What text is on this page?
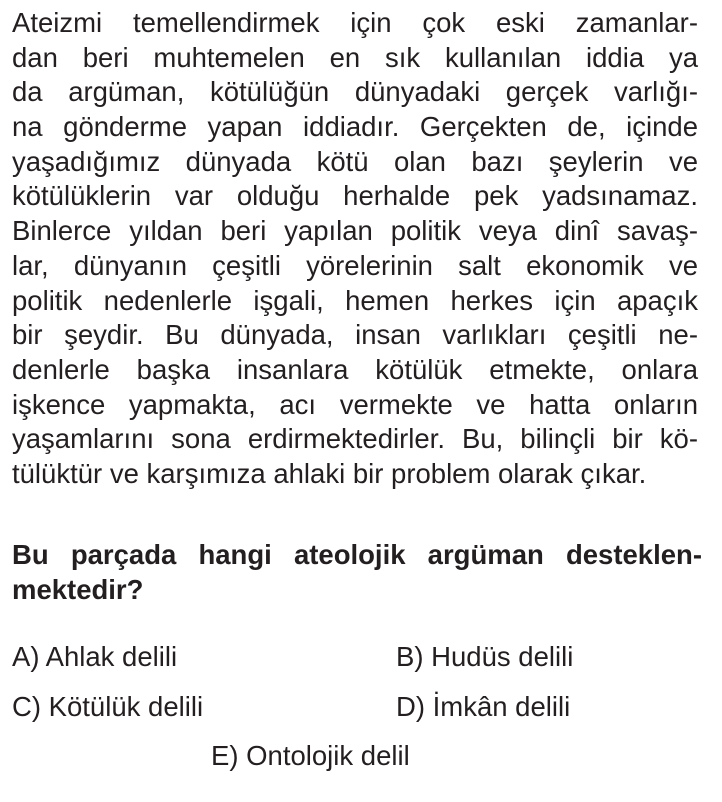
Ateizmi temellendirmek için çok eski zamanlar-
dan beri muhtemelen en sık kullanılan iddia ya
da argüman, kötülüğün dünyadaki gerçek varlığı-
na gönderme yapan iddiadır. Gerçekten de, içinde
yaşadığımız dünyada kötü olan bazı şeylerin ve
kötülüklerin var olduğu herhalde pek yadsınamaz.
Binlerce yıldan beri yapılan politik veya dinî savaş-
lar, dünyanın çeşitli yörelerinin salt ekonomik ve
politik nedenlerle işgali, hemen herkes için apaçık
bir şeydir. Bu dünyada, insan varlıkları çeşitli ne-
denlerle başka insanlara kötülük etmekte, onlara
işkence yapmakta, acı vermekte ve hatta onların
yaşamlarını sona erdirmektedirler. Bu, bilinçli bir kö-
tülüktür ve karşımıza ahlaki bir problem olarak çıkar.
Bu parçada hangi ateolojik argüman desteklen-
mektedir?
A) Ahlak delili	B) Hudüs delili
C) Kötülük delili	D) İmkân delili
E) Ontolojik delil
